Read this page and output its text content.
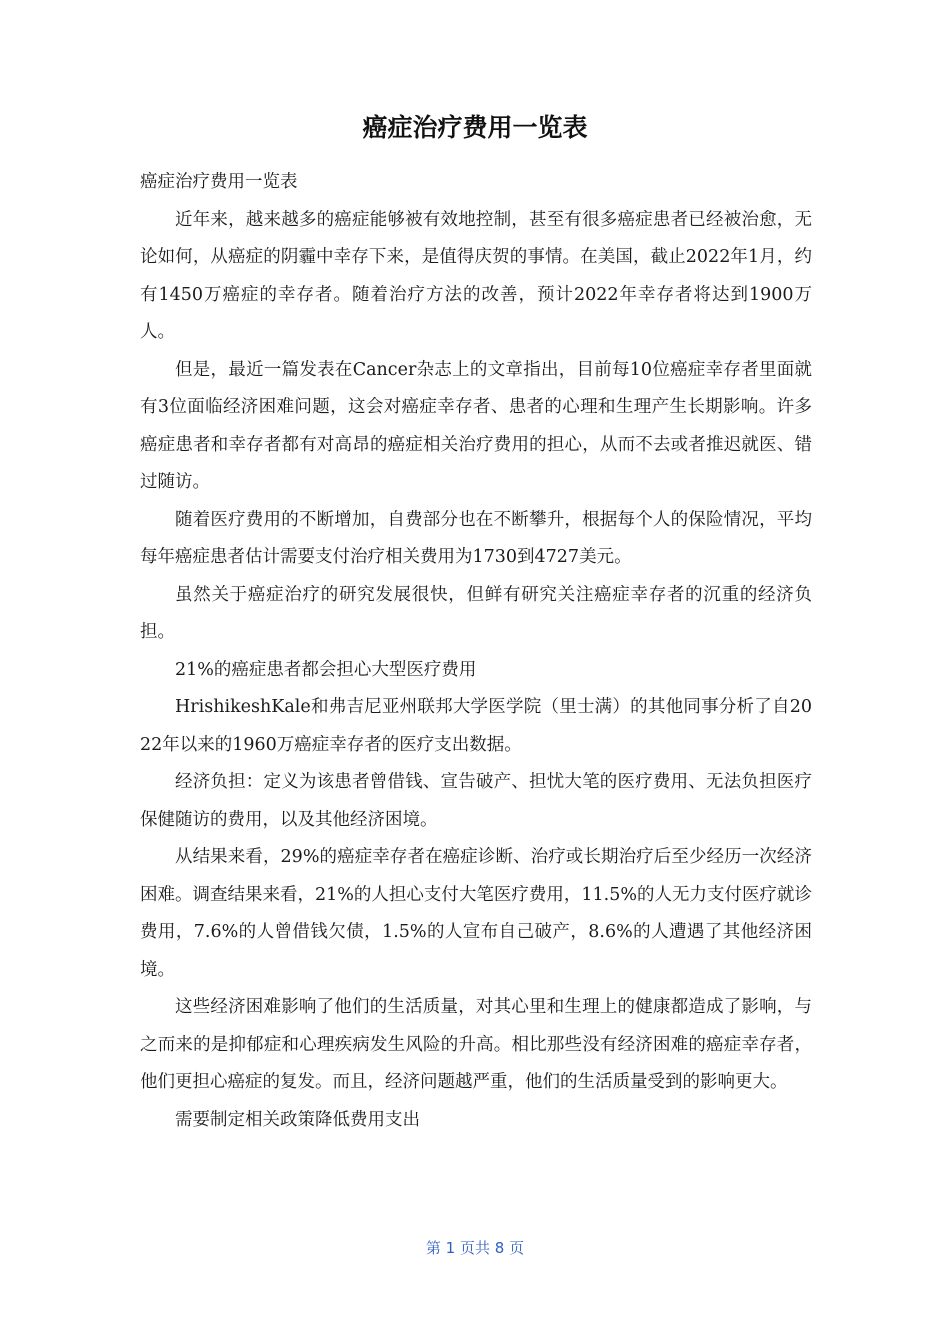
癌症治疗费用一览表

癌症治疗费用一览表

近年来，越来越多的癌症能够被有效地控制，甚至有很多癌症患者已经被治愈，无论如何，从癌症的阴霾中幸存下来，是值得庆贺的事情。在美国，截止2022年1月，约有1450万癌症的幸存者。随着治疗方法的改善，预计2022年幸存者将达到1900万人。

但是，最近一篇发表在Cancer杂志上的文章指出，目前每10位癌症幸存者里面就有3位面临经济困难问题，这会对癌症幸存者、患者的心理和生理产生长期影响。许多癌症患者和幸存者都有对高昂的癌症相关治疗费用的担心，从而不去或者推迟就医、错过随访。

随着医疗费用的不断增加，自费部分也在不断攀升，根据每个人的保险情况，平均每年癌症患者估计需要支付治疗相关费用为1730到4727美元。

虽然关于癌症治疗的研究发展很快，但鲜有研究关注癌症幸存者的沉重的经济负担。

21%的癌症患者都会担心大型医疗费用

HrishikeshKale和弗吉尼亚州联邦大学医学院（里士满）的其他同事分析了自2022年以来的1960万癌症幸存者的医疗支出数据。

经济负担：定义为该患者曾借钱、宣告破产、担忧大笔的医疗费用、无法负担医疗保健随访的费用，以及其他经济困境。

从结果来看，29%的癌症幸存者在癌症诊断、治疗或长期治疗后至少经历一次经济困难。调查结果来看，21%的人担心支付大笔医疗费用，11.5%的人无力支付医疗就诊费用，7.6%的人曾借钱欠债，1.5%的人宣布自己破产，8.6%的人遭遇了其他经济困境。

这些经济困难影响了他们的生活质量，对其心里和生理上的健康都造成了影响，与之而来的是抑郁症和心理疾病发生风险的升高。相比那些没有经济困难的癌症幸存者，他们更担心癌症的复发。而且，经济问题越严重，他们的生活质量受到的影响更大。

需要制定相关政策降低费用支出

第 1 页共 8 页
